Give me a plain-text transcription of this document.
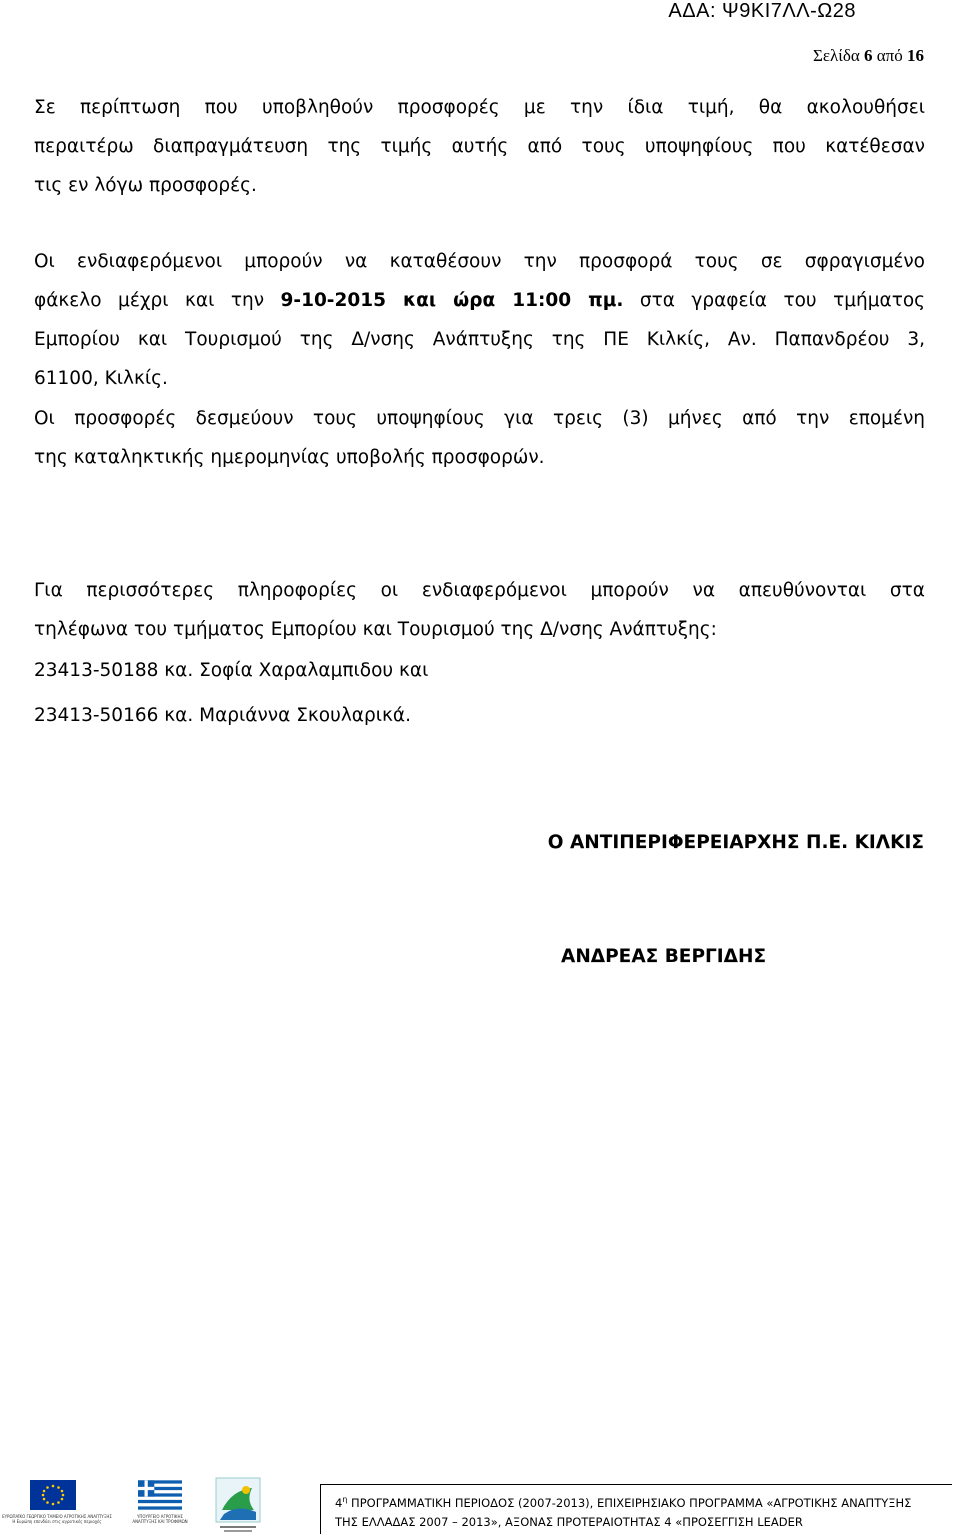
ΑΔΑ: Ψ9ΚΙ7ΛΛ-Ω28
Σελίδα 6 από 16
Σε περίπτωση που υποβληθούν προσφορές με την ίδια τιμή, θα ακολουθήσει
περαιτέρω διαπραγμάτευση της τιμής αυτής από τους υποψηφίους που κατέθεσαν
τις εν λόγω προσφορές.
Οι ενδιαφερόμενοι μπορούν να καταθέσουν την προσφορά τους σε σφραγισμένο
φάκελο μέχρι και την 9-10-2015 και ώρα 11:00 πμ. στα γραφεία του τμήματος
Εμπορίου και Τουρισμού της Δ/νσης Ανάπτυξης της ΠΕ Κιλκίς, Αν. Παπανδρέου 3,
61100, Κιλκίς.
Οι προσφορές δεσμεύουν τους υποψηφίους για τρεις (3) μήνες από την επομένη
της καταληκτικής ημερομηνίας υποβολής προσφορών.
Για περισσότερες πληροφορίες οι ενδιαφερόμενοι μπορούν να απευθύνονται στα
τηλέφωνα του τμήματος Εμπορίου και Τουρισμού της Δ/νσης Ανάπτυξης:
23413-50188 κα. Σοφία Χαραλαμπιδου και
23413-50166 κα. Μαριάννα Σκουλαρικά.
Ο ΑΝΤΙΠΕΡΙΦΕΡΕΙΑΡΧΗΣ Π.Ε. ΚΙΛΚΙΣ
ΑΝΔΡΕΑΣ ΒΕΡΓΙΔΗΣ
ΕΥΡΩΠΑΪΚΟ ΓΕΩΡΓΙΚΟ ΤΑΜΕΙΟ ΑΓΡΟΤΙΚΗΣ ΑΝΑΠΤΥΞΗΣ
Η Ευρώπη επενδύει στις αγροτικές περιοχές
ΥΠΟΥΡΓΕΙΟ ΑΓΡΟΤΙΚΗΣ
ΑΝΑΠΤΥΞΗΣ ΚΑΙ ΤΡΟΦΙΜΩΝ
$4^\eta$ ΠΡΟΓΡΑΜΜΑΤΙΚΗ ΠΕΡΙΟΔΟΣ (2007-2013), ΕΠΙΧΕΙΡΗΣΙΑΚΟ ΠΡΟΓΡΑΜΜΑ «ΑΓΡΟΤΙΚΗΣ ΑΝΑΠΤΥΞΗΣ
ΤΗΣ ΕΛΛΑΔΑΣ 2007 – 2013», ΑΞΟΝΑΣ ΠΡΟΤΕΡΑΙΟΤΗΤΑΣ 4 «ΠΡΟΣΕΓΓΙΣΗ LEADER
